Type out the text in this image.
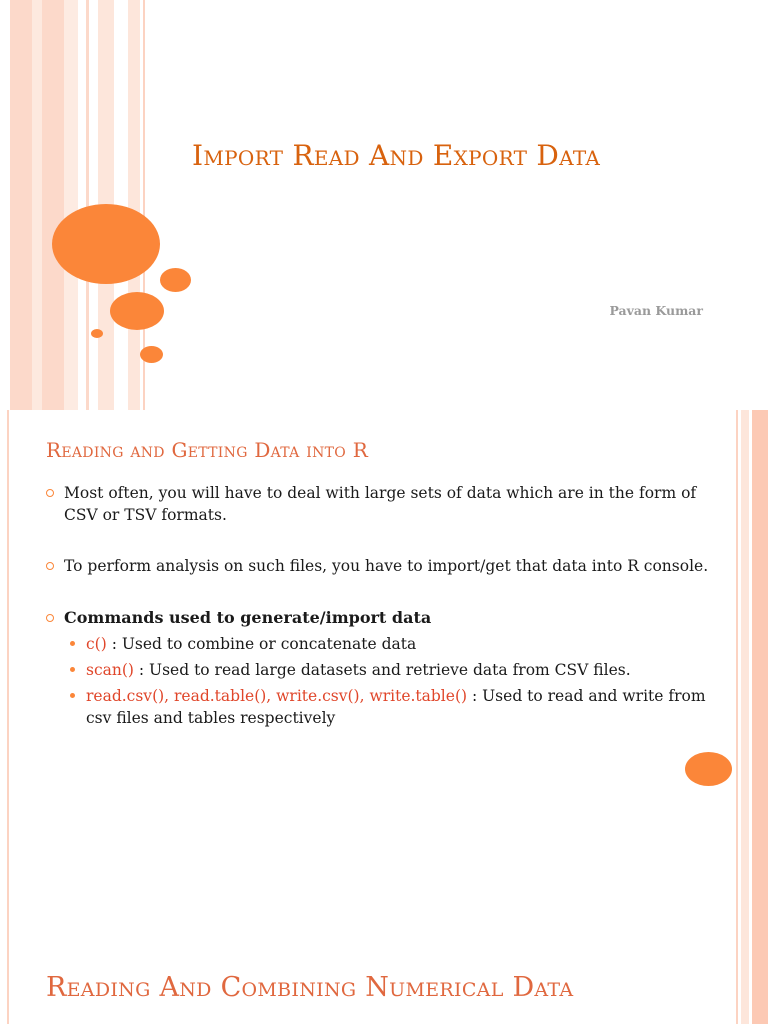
Import Read And Export Data
Pavan Kumar
Reading and Getting Data into R
Most often, you will have to deal with large sets of data which are in the form of CSV or TSV formats.
To perform analysis on such files, you have to import/get that data into R console.
Commands used to generate/import data
c() : Used to combine or concatenate data
scan() : Used to read large datasets and retrieve data from CSV files.
read.csv(), read.table(), write.csv(), write.table() : Used to read and write from csv files and tables respectively
Reading And Combining Numerical Data
